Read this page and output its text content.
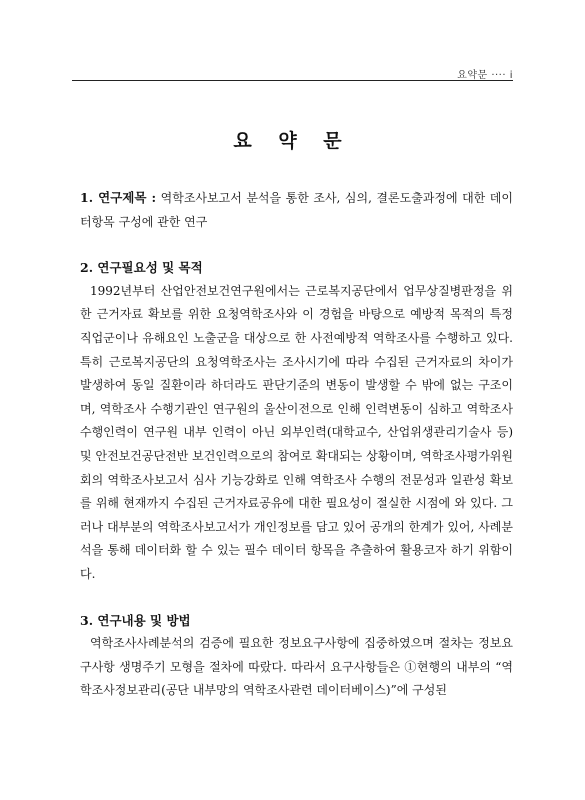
요약문 ···· i
요 약 문
1. 연구제목 : 역학조사보고서 분석을 통한 조사, 심의, 결론도출과정에 대한 데이터항목 구성에 관한 연구

2. 연구필요성 및 목적

1992년부터 산업안전보건연구원에서는 근로복지공단에서 업무상질병판정을 위한 근거자료 확보를 위한 요청역학조사와 이 경험을 바탕으로 예방적 목적의 특정 직업군이나 유해요인 노출군을 대상으로 한 사전예방적 역학조사를 수행하고 있다. 특히 근로복지공단의 요청역학조사는 조사시기에 따라 수집된 근거자료의 차이가 발생하여 동일 질환이라 하더라도 판단기준의 변동이 발생할 수 밖에 없는 구조이며, 역학조사 수행기관인 연구원의 울산이전으로 인해 인력변동이 심하고 역학조사 수행인력이 연구원 내부 인력이 아닌 외부인력(대학교수, 산업위생관리기술사 등) 및 안전보건공단전반 보건인력으로의 참여로 확대되는 상황이며, 역학조사평가위원회의 역학조사보고서 심사 기능강화로 인해 역학조사 수행의 전문성과 일관성 확보를 위해 현재까지 수집된 근거자료공유에 대한 필요성이 절실한 시점에 와 있다. 그러나 대부분의 역학조사보고서가 개인정보를 담고 있어 공개의 한계가 있어, 사례분석을 통해 데이터화 할 수 있는 필수 데이터 항목을 추출하여 활용코자 하기 위함이다.

3. 연구내용 및 방법

역학조사사례분석의 검증에 필요한 정보요구사항에 집중하였으며 절차는 정보요구사항 생명주기 모형을 절차에 따랐다. 따라서 요구사항들은 ①현행의 내부의 “역학조사정보관리(공단 내부망의 역학조사관련 데이터베이스)”에 구성된
